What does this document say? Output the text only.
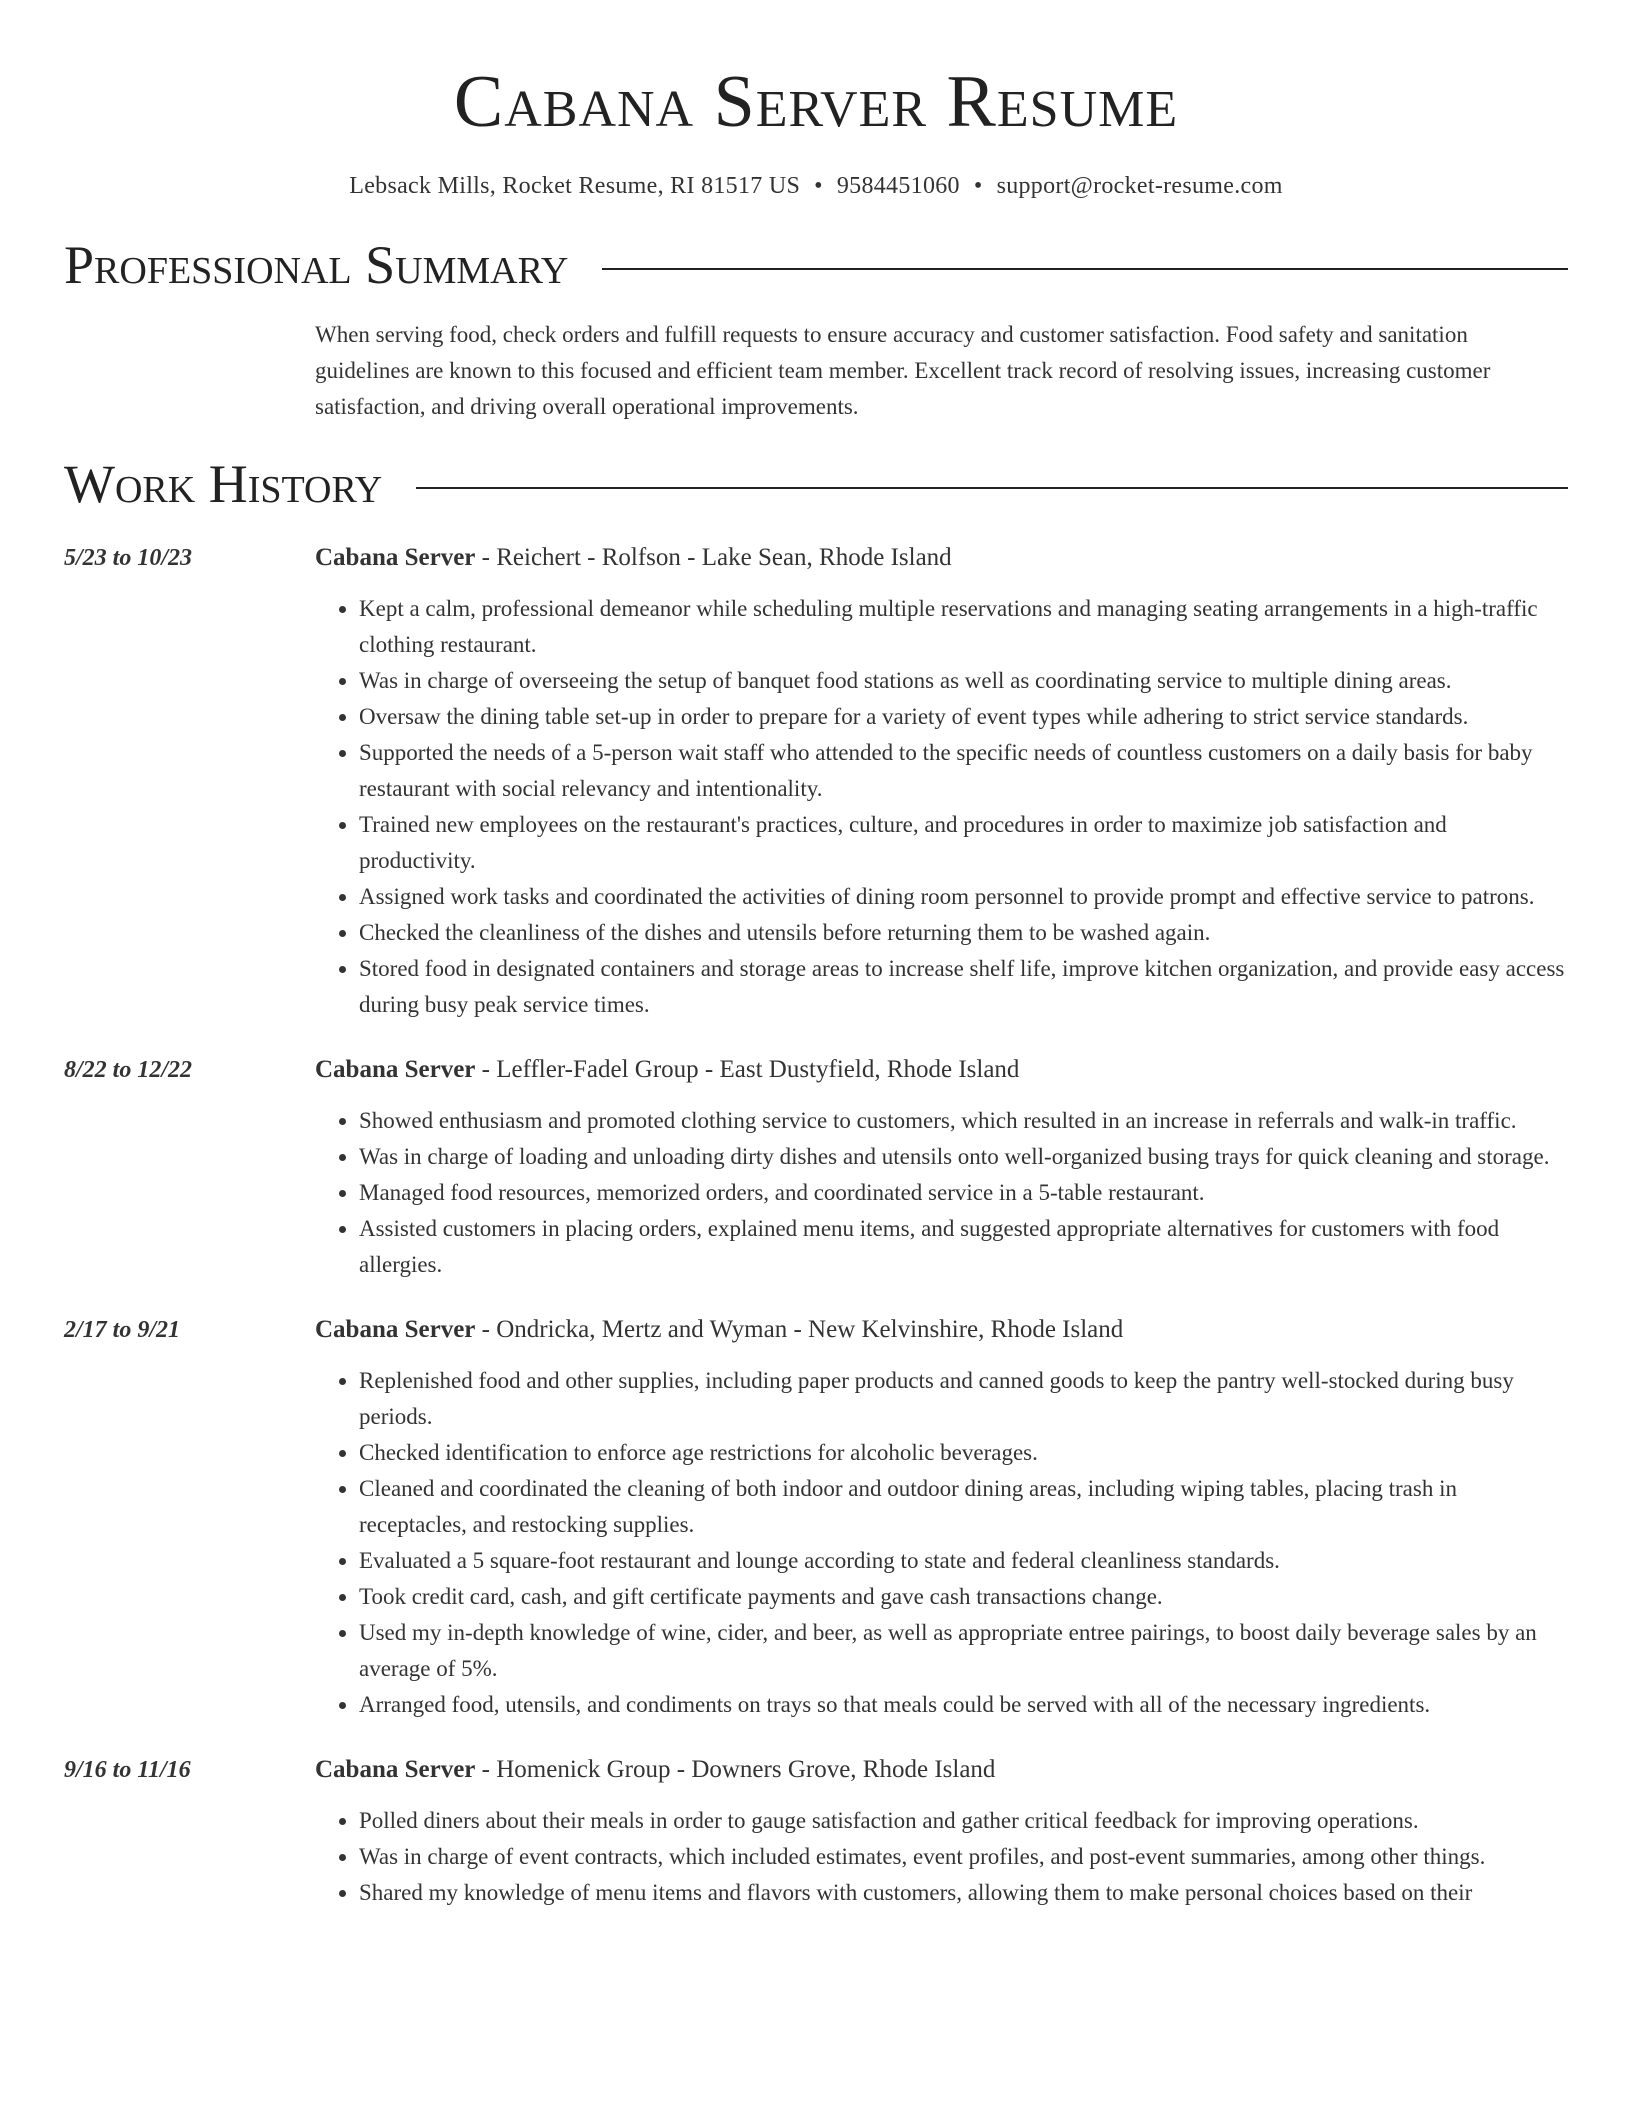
Cabana Server Resume
Lebsack Mills, Rocket Resume, RI 81517 US • 9584451060 • support@rocket-resume.com
Professional Summary

When serving food, check orders and fulfill requests to ensure accuracy and customer satisfaction. Food safety and sanitation guidelines are known to this focused and efficient team member. Excellent track record of resolving issues, increasing customer satisfaction, and driving overall operational improvements.

Work History
5/23 to 10/23	Cabana Server - Reichert - Rolfson - Lake Sean, Rhode Island
• Kept a calm, professional demeanor while scheduling multiple reservations and managing seating arrangements in a high-traffic clothing restaurant.
• Was in charge of overseeing the setup of banquet food stations as well as coordinating service to multiple dining areas.
• Oversaw the dining table set-up in order to prepare for a variety of event types while adhering to strict service standards.
• Supported the needs of a 5-person wait staff who attended to the specific needs of countless customers on a daily basis for baby restaurant with social relevancy and intentionality.
• Trained new employees on the restaurant's practices, culture, and procedures in order to maximize job satisfaction and productivity.
• Assigned work tasks and coordinated the activities of dining room personnel to provide prompt and effective service to patrons.
• Checked the cleanliness of the dishes and utensils before returning them to be washed again.
• Stored food in designated containers and storage areas to increase shelf life, improve kitchen organization, and provide easy access during busy peak service times.
8/22 to 12/22	Cabana Server - Leffler-Fadel Group - East Dustyfield, Rhode Island
• Showed enthusiasm and promoted clothing service to customers, which resulted in an increase in referrals and walk-in traffic.
• Was in charge of loading and unloading dirty dishes and utensils onto well-organized busing trays for quick cleaning and storage.
• Managed food resources, memorized orders, and coordinated service in a 5-table restaurant.
• Assisted customers in placing orders, explained menu items, and suggested appropriate alternatives for customers with food allergies.
2/17 to 9/21	Cabana Server - Ondricka, Mertz and Wyman - New Kelvinshire, Rhode Island
• Replenished food and other supplies, including paper products and canned goods to keep the pantry well-stocked during busy periods.
• Checked identification to enforce age restrictions for alcoholic beverages.
• Cleaned and coordinated the cleaning of both indoor and outdoor dining areas, including wiping tables, placing trash in receptacles, and restocking supplies.
• Evaluated a 5 square-foot restaurant and lounge according to state and federal cleanliness standards.
• Took credit card, cash, and gift certificate payments and gave cash transactions change.
• Used my in-depth knowledge of wine, cider, and beer, as well as appropriate entree pairings, to boost daily beverage sales by an average of 5%.
• Arranged food, utensils, and condiments on trays so that meals could be served with all of the necessary ingredients.
9/16 to 11/16	Cabana Server - Homenick Group - Downers Grove, Rhode Island
• Polled diners about their meals in order to gauge satisfaction and gather critical feedback for improving operations.
• Was in charge of event contracts, which included estimates, event profiles, and post-event summaries, among other things.
• Shared my knowledge of menu items and flavors with customers, allowing them to make personal choices based on their
